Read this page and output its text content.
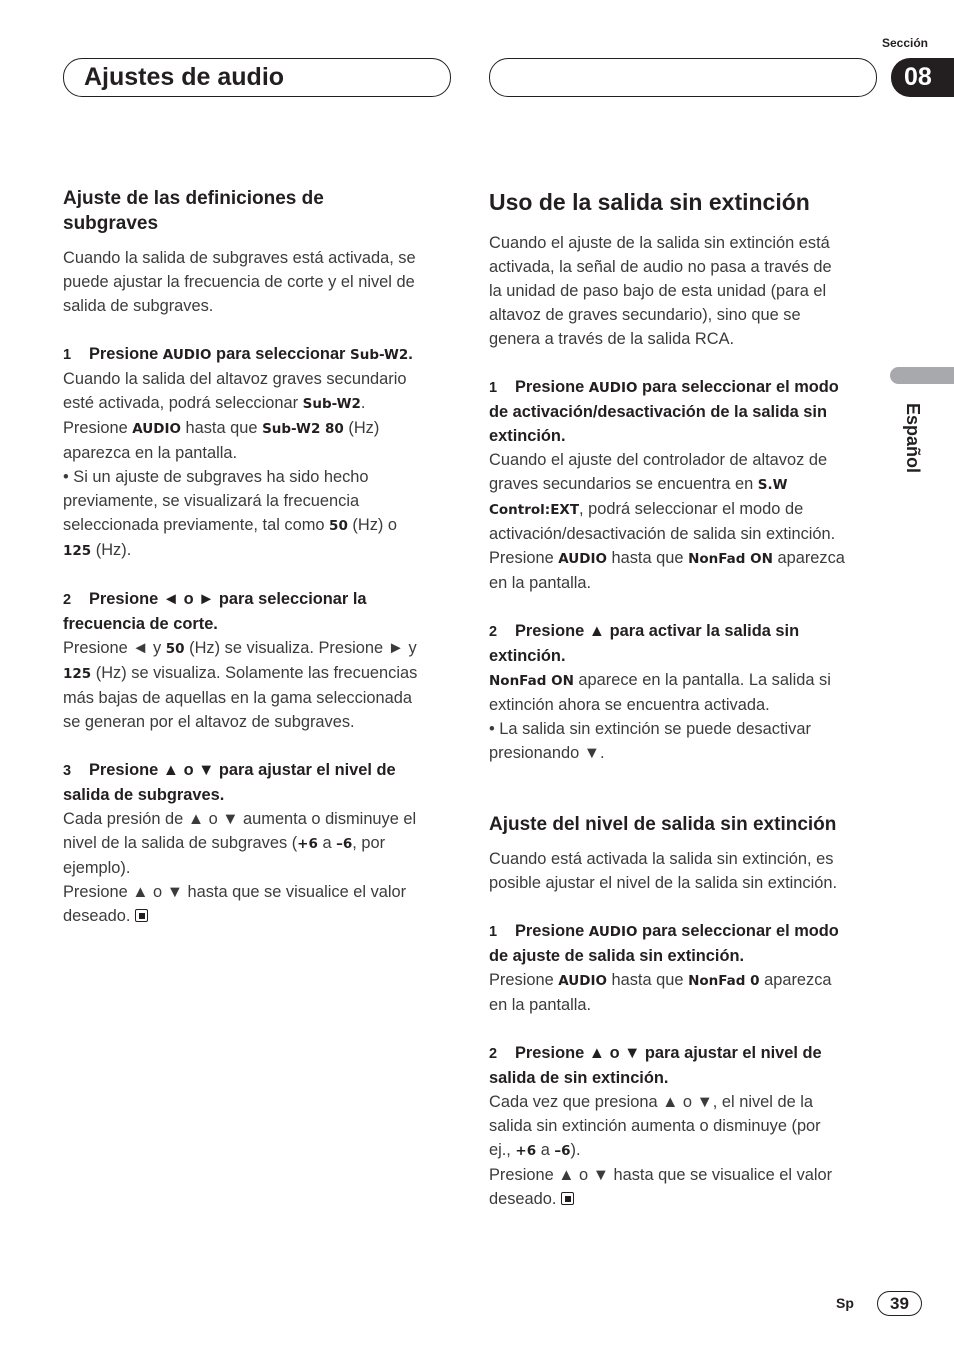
Ajustes de audio
Sección
08
Español

Ajuste de las definiciones de
subgraves

Cuando la salida de subgraves está activada, se
puede ajustar la frecuencia de corte y el nivel de
salida de subgraves.

1 Presione AUDIO para seleccionar Sub-W2.

Cuando la salida del altavoz graves secundario
esté activada, podrá seleccionar Sub-W2.
Presione AUDIO hasta que Sub-W2 80 (Hz)
aparezca en la pantalla.
• Si un ajuste de subgraves ha sido hecho
previamente, se visualizará la frecuencia
seleccionada previamente, tal como 50 (Hz) o
125 (Hz).

2 Presione ◄ o ► para seleccionar la
frecuencia de corte.

Presione ◄ y 50 (Hz) se visualiza. Presione ► y
125 (Hz) se visualiza. Solamente las frecuencias
más bajas de aquellas en la gama seleccionada
se generan por el altavoz de subgraves.

3 Presione ▲ o ▼ para ajustar el nivel de
salida de subgraves.

Cada presión de ▲ o ▼ aumenta o disminuye el
nivel de la salida de subgraves (+6 a –6, por
ejemplo).
Presione ▲ o ▼ hasta que se visualice el valor
deseado.

Uso de la salida sin extinción

Cuando el ajuste de la salida sin extinción está
activada, la señal de audio no pasa a través de
la unidad de paso bajo de esta unidad (para el
altavoz de graves secundario), sino que se
genera a través de la salida RCA.

1 Presione AUDIO para seleccionar el modo
de activación/desactivación de la salida sin
extinción.

Cuando el ajuste del controlador de altavoz de
graves secundarios se encuentra en S.W
Control:EXT, podrá seleccionar el modo de
activación/desactivación de salida sin extinción.
Presione AUDIO hasta que NonFad ON aparezca
en la pantalla.

2 Presione ▲ para activar la salida sin
extinción.

NonFad ON aparece en la pantalla. La salida si
extinción ahora se encuentra activada.
• La salida sin extinción se puede desactivar
presionando ▼.

Ajuste del nivel de salida sin extinción

Cuando está activada la salida sin extinción, es
posible ajustar el nivel de la salida sin extinción.

1 Presione AUDIO para seleccionar el modo
de ajuste de salida sin extinción.

Presione AUDIO hasta que NonFad 0 aparezca
en la pantalla.

2 Presione ▲ o ▼ para ajustar el nivel de
salida de sin extinción.

Cada vez que presiona ▲ o ▼, el nivel de la
salida sin extinción aumenta o disminuye (por
ej., +6 a –6).
Presione ▲ o ▼ hasta que se visualice el valor
deseado.

Sp	39
